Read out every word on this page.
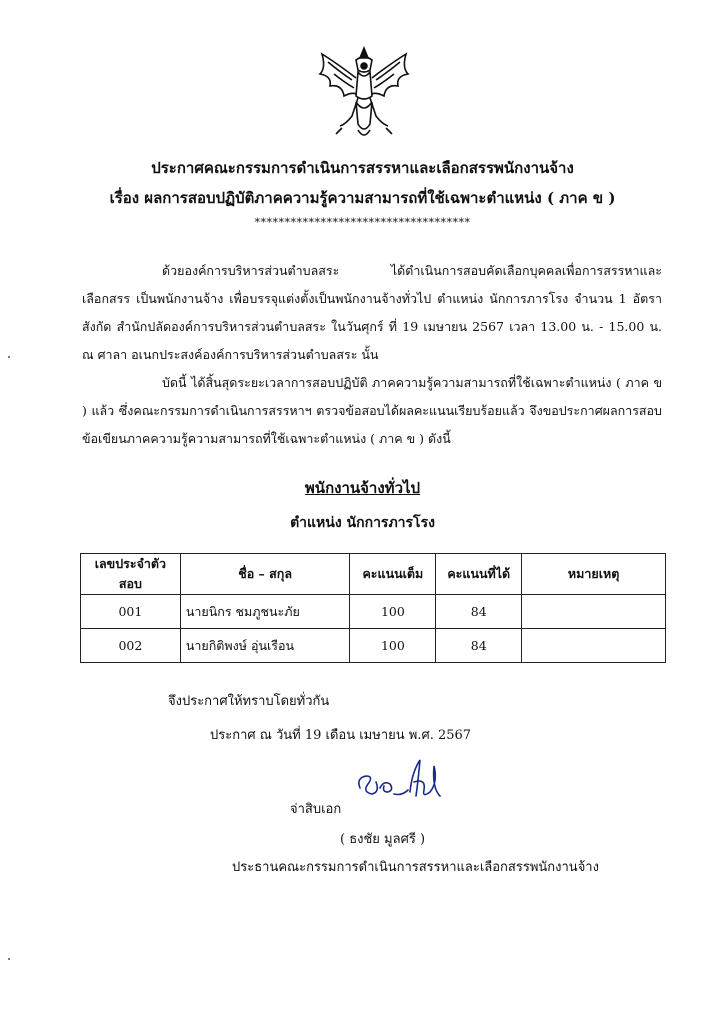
ประกาศคณะกรรมการดำเนินการสรรหาและเลือกสรรพนักงานจ้าง
เรื่อง ผลการสอบปฏิบัติภาคความรู้ความสามารถที่ใช้เฉพาะตำแหน่ง ( ภาค ข )
************************************

ด้วยองค์การบริหารส่วนตำบลสระ ได้ดำเนินการสอบคัดเลือกบุคคลเพื่อการสรรหาและเลือกสรร เป็นพนักงานจ้าง เพื่อบรรจุแต่งตั้งเป็นพนักงานจ้างทั่วไป ตำแหน่ง นักการภารโรง จำนวน 1 อัตรา สังกัด สำนักปลัดองค์การบริหารส่วนตำบลสระ ในวันศุกร์ ที่ 19 เมษายน 2567 เวลา 13.00 น. - 15.00 น. ณ ศาลา อเนกประสงค์องค์การบริหารส่วนตำบลสระ นั้น

บัดนี้ ได้สิ้นสุดระยะเวลาการสอบปฏิบัติ ภาคความรู้ความสามารถที่ใช้เฉพาะตำแหน่ง ( ภาค ข ) แล้ว ซึ่งคณะกรรมการดำเนินการสรรหาฯ ตรวจข้อสอบได้ผลคะแนนเรียบร้อยแล้ว จึงขอประกาศผลการสอบ ข้อเขียนภาคความรู้ความสามารถที่ใช้เฉพาะตำแหน่ง ( ภาค ข ) ดังนี้

พนักงานจ้างทั่วไป
ตำแหน่ง นักการภารโรง
เลขประจำตัวสอบ	ชื่อ – สกุล	คะแนนเต็ม	คะแนนที่ได้	หมายเหตุ
001	นายนิกร ชมภูชนะภัย	100	84	
002	นายกิติพงษ์ อุ่นเรือน	100	84	
จึงประกาศให้ทราบโดยทั่วกัน
ประกาศ ณ วันที่ 19 เดือน เมษายน พ.ศ. 2567
จ่าสิบเอก
( ธงชัย มูลศรี )
ประธานคณะกรรมการดำเนินการสรรหาและเลือกสรรพนักงานจ้าง
